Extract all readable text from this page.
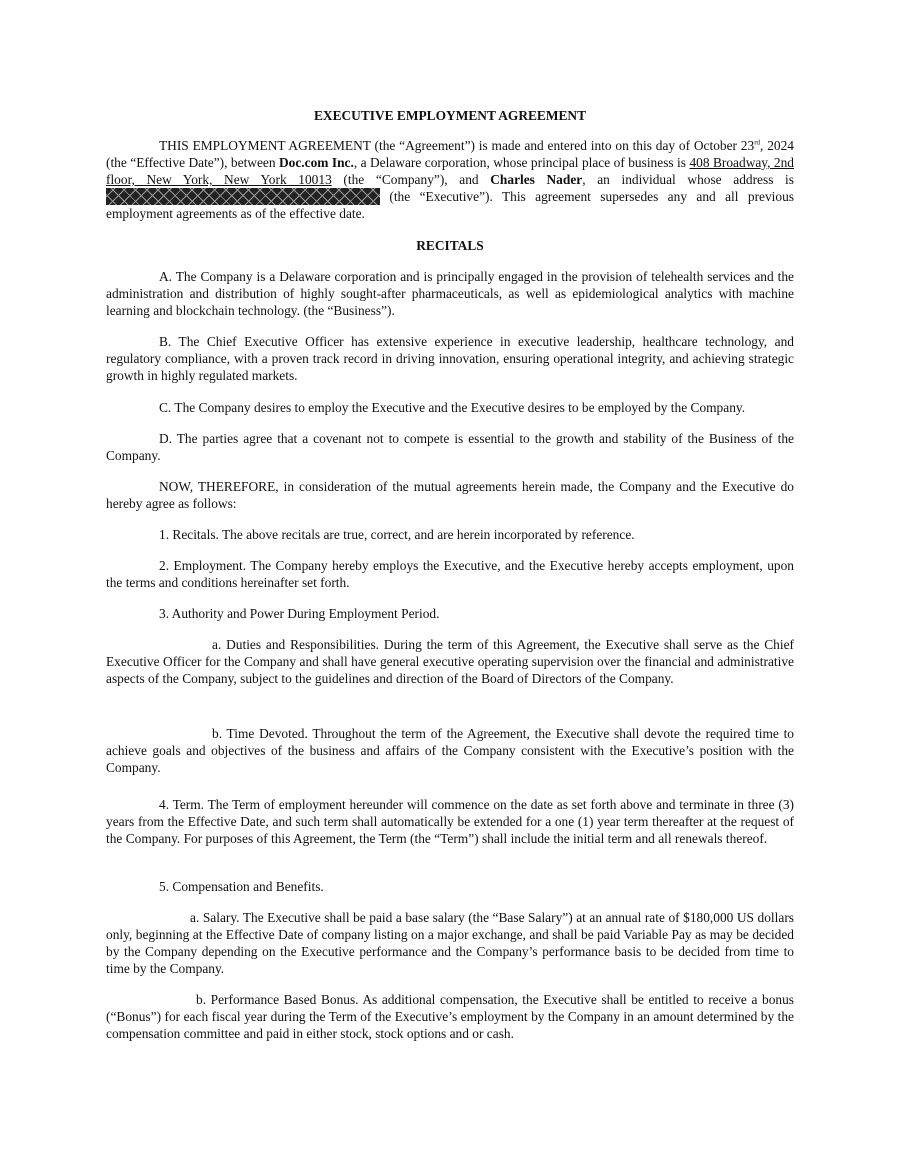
EXECUTIVE EMPLOYMENT AGREEMENT

THIS EMPLOYMENT AGREEMENT (the “Agreement”) is made and entered into on this day of October 23rd, 2024 (the “Effective Date”), between Doc.com Inc., a Delaware corporation, whose principal place of business is 408 Broadway, 2nd floor, New York, New York 10013 (the “Company”), and Charles Nader, an individual whose address is  (the “Executive”). This agreement supersedes any and all previous employment agreements as of the effective date.

RECITALS

A. The Company is a Delaware corporation and is principally engaged in the provision of telehealth services and the administration and distribution of highly sought-after pharmaceuticals, as well as epidemiological analytics with machine learning and blockchain technology. (the “Business”).

B. The Chief Executive Officer has extensive experience in executive leadership, healthcare technology, and regulatory compliance, with a proven track record in driving innovation, ensuring operational integrity, and achieving strategic growth in highly regulated markets.

C. The Company desires to employ the Executive and the Executive desires to be employed by the Company.

D. The parties agree that a covenant not to compete is essential to the growth and stability of the Business of the Company.

NOW, THEREFORE, in consideration of the mutual agreements herein made, the Company and the Executive do hereby agree as follows:

1. Recitals. The above recitals are true, correct, and are herein incorporated by reference.

2. Employment. The Company hereby employs the Executive, and the Executive hereby accepts employment, upon the terms and conditions hereinafter set forth.

3. Authority and Power During Employment Period.

a. Duties and Responsibilities. During the term of this Agreement, the Executive shall serve as the Chief Executive Officer for the Company and shall have general executive operating supervision over the financial and administrative aspects of the Company, subject to the guidelines and direction of the Board of Directors of the Company.

b. Time Devoted. Throughout the term of the Agreement, the Executive shall devote the required time to achieve goals and objectives of the business and affairs of the Company consistent with the Executive’s position with the Company.

4. Term. The Term of employment hereunder will commence on the date as set forth above and terminate in three (3) years from the Effective Date, and such term shall automatically be extended for a one (1) year term thereafter at the request of the Company. For purposes of this Agreement, the Term (the “Term”) shall include the initial term and all renewals thereof.

5. Compensation and Benefits.

a. Salary. The Executive shall be paid a base salary (the “Base Salary”) at an annual rate of $180,000 US dollars only, beginning at the Effective Date of company listing on a major exchange, and shall be paid Variable Pay as may be decided by the Company depending on the Executive performance and the Company’s performance basis to be decided from time to time by the Company.

b. Performance Based Bonus. As additional compensation, the Executive shall be entitled to receive a bonus (“Bonus”) for each fiscal year during the Term of the Executive’s employment by the Company in an amount determined by the compensation committee and paid in either stock, stock options and or cash.
